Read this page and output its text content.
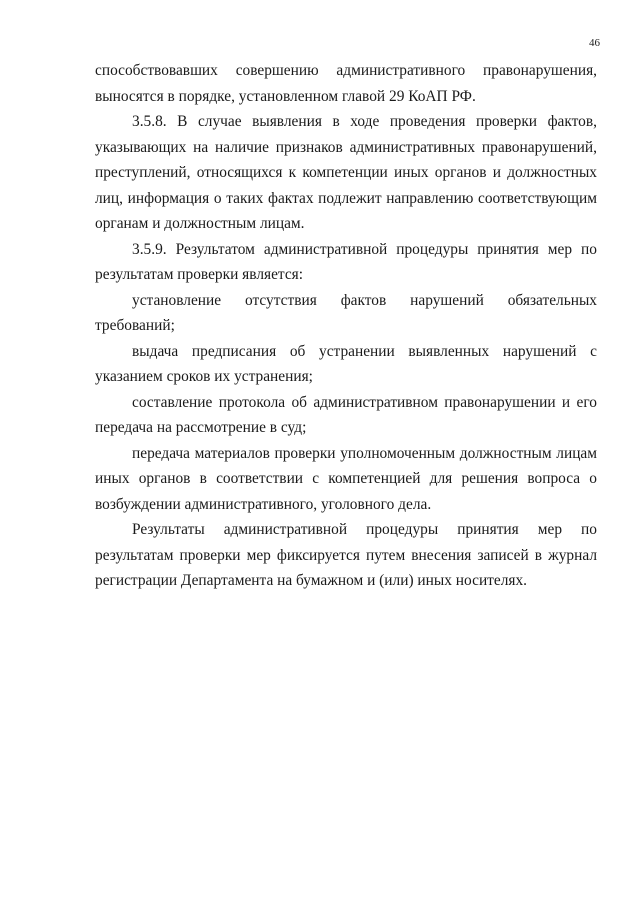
46

способствовавших совершению административного правонарушения, выносятся в порядке, установленном главой 29 КоАП РФ.

3.5.8. В случае выявления в ходе проведения проверки фактов, указывающих на наличие признаков административных правонарушений, преступлений, относящихся к компетенции иных органов и должностных лиц, информация о таких фактах подлежит направлению соответствующим органам и должностным лицам.

3.5.9. Результатом административной процедуры принятия мер по результатам проверки является:

установление отсутствия фактов нарушений обязательных требований;

выдача предписания об устранении выявленных нарушений с указанием сроков их устранения;

составление протокола об административном правонарушении и его передача на рассмотрение в суд;

передача материалов проверки уполномоченным должностным лицам иных органов в соответствии с компетенцией для решения вопроса о возбуждении административного, уголовного дела.

Результаты административной процедуры принятия мер по результатам проверки мер фиксируется путем внесения записей в журнал регистрации Департамента на бумажном и (или) иных носителях.
